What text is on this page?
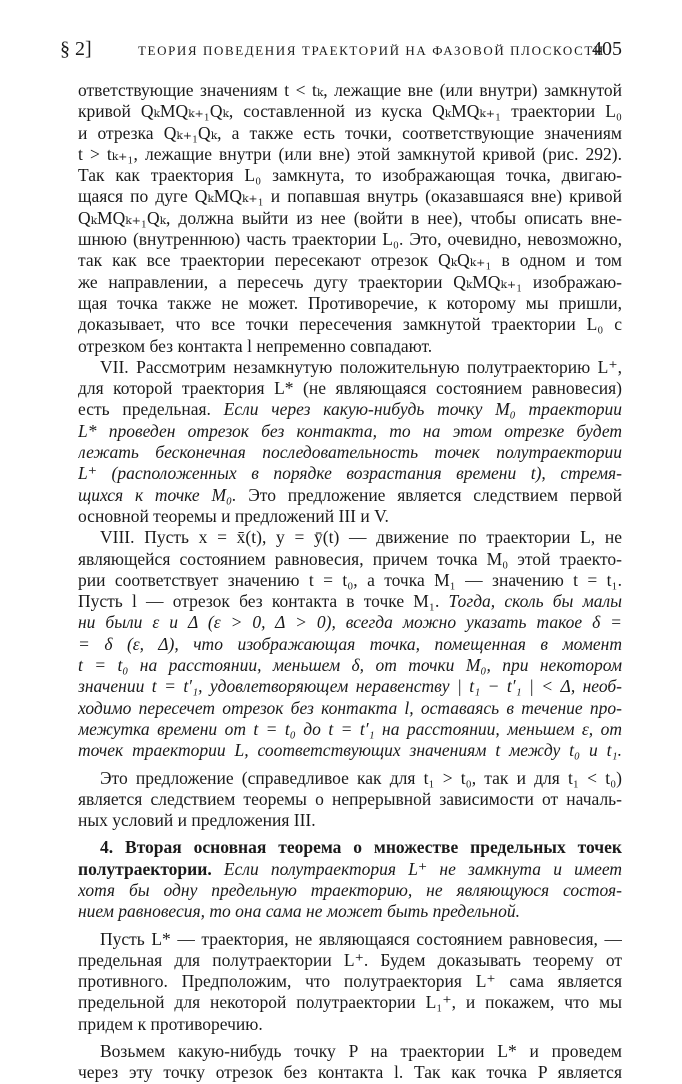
§ 2]	ТЕОРИЯ ПОВЕДЕНИЯ ТРАЕКТОРИЙ НА ФАЗОВОЙ ПЛОСКОСТИ
405
ответствующие значениям t < tₖ, лежащие вне (или внутри) замкнутой
кривой QₖMQₖ₊₁Qₖ, составленной из куска QₖMQₖ₊₁ траектории L₀
и отрезка Qₖ₊₁Qₖ, а также есть точки, соответствующие значениям
t > tₖ₊₁, лежащие внутри (или вне) этой замкнутой кривой (рис. 292).
Так как траектория L₀ замкнута, то изображающая точка, двигаю-
щаяся по дуге QₖMQₖ₊₁ и попавшая внутрь (оказавшаяся вне) кривой
QₖMQₖ₊₁Qₖ, должна выйти из нее (войти в нее), чтобы описать вне-
шнюю (внутреннюю) часть траектории L₀. Это, очевидно, невозможно,
так как все траектории пересекают отрезок QₖQₖ₊₁ в одном и том
же направлении, а пересечь дугу траектории QₖMQₖ₊₁ изображаю-
щая точка также не может. Противоречие, к которому мы пришли,
доказывает, что все точки пересечения замкнутой траектории L₀ с
отрезком без контакта l непременно совпадают.
VII. Рассмотрим незамкнутую положительную полутраекторию L⁺,
для которой траектория L* (не являющаяся состоянием равновесия)
есть предельная. Если через какую-нибудь точку M₀ траектории
L* проведен отрезок без контакта, то на этом отрезке будет
лежать бесконечная последовательность точек полутраектории
L⁺ (расположенных в порядке возрастания времени t), стремя-
щихся к точке M₀. Это предложение является следствием первой
основной теоремы и предложений III и V.
VIII. Пусть x = x̄(t), y = ȳ(t) — движение по траектории L, не
являющейся состоянием равновесия, причем точка M₀ этой траекто-
рии соответствует значению t = t₀, а точка M₁ — значению t = t₁.
Пусть l — отрезок без контакта в точке M₁. Тогда, сколь бы малы
ни были ε и Δ (ε > 0, Δ > 0), всегда можно указать такое δ =
= δ (ε, Δ), что изображающая точка, помещенная в момент
t = t₀ на расстоянии, меньшем δ, от точки M₀, при некотором
значении t = t′₁, удовлетворяющем неравенству | t₁ − t′₁ | < Δ, необ-
ходимо пересечет отрезок без контакта l, оставаясь в течение про-
межутка времени от t = t₀ до t = t′₁ на расстоянии, меньшем ε, от
точек траектории L, соответствующих значениям t между t₀ и t₁.
Это предложение (справедливое как для t₁ > t₀, так и для t₁ < t₀)
является следствием теоремы о непрерывной зависимости от началь-
ных условий и предложения III.
4. Вторая основная теорема о множестве предельных точек
полутраектории. Если полутраектория L⁺ не замкнута и имеет
хотя бы одну предельную траекторию, не являющуюся состоя-
нием равновесия, то она сама не может быть предельной.
Пусть L* — траектория, не являющаяся состоянием равновесия, —
предельная для полутраектории L⁺. Будем доказывать теорему от
противного. Предположим, что полутраектория L⁺ сама является
предельной для некоторой полутраектории L₁⁺, и покажем, что мы
придем к противоречию.
Возьмем какую-нибудь точку P на траектории L* и проведем
через эту точку отрезок без контакта l. Так как точка P является
